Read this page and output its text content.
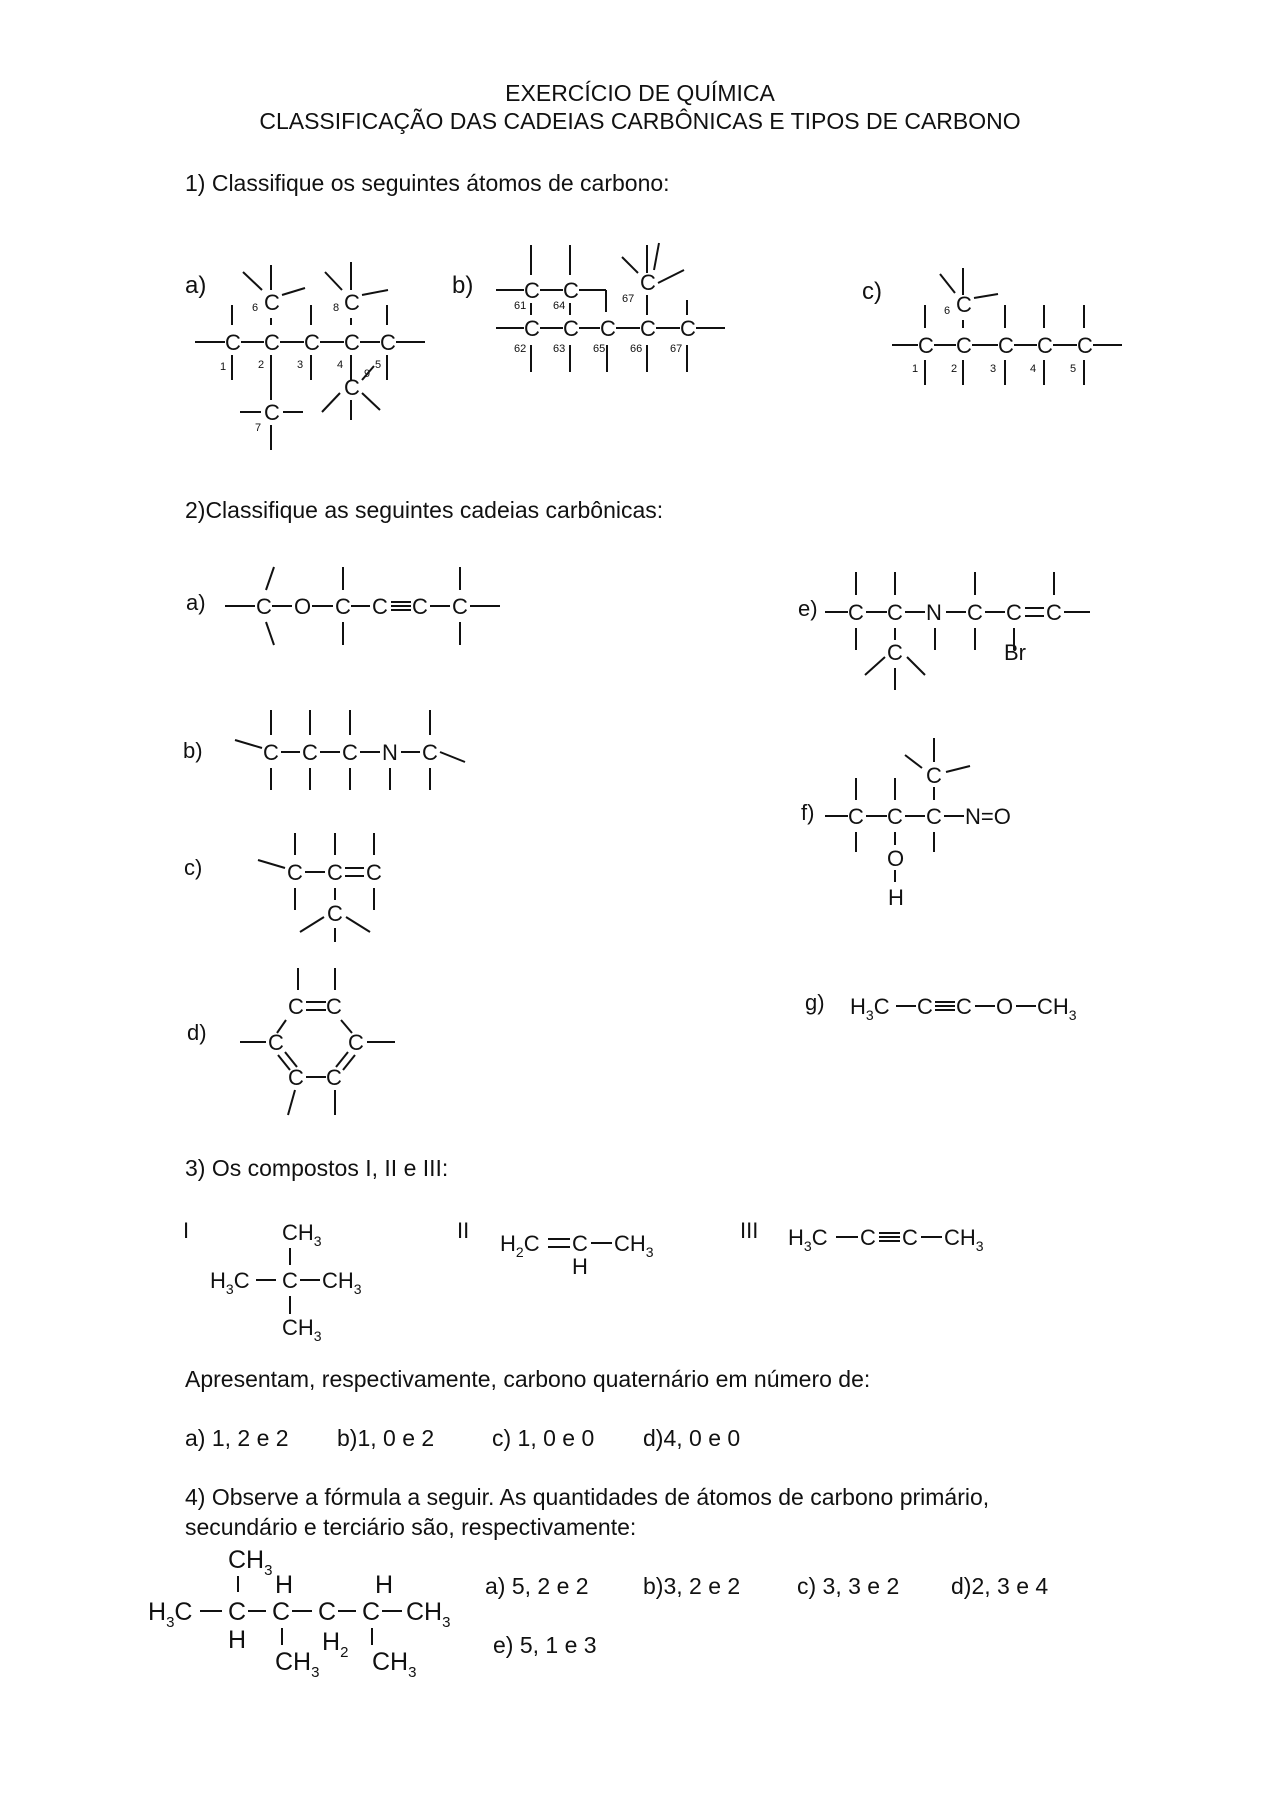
EXERCÍCIO DE QUÍMICA
CLASSIFICAÇÃO DAS CADEIAS CARBÔNICAS E TIPOS DE CARBONO
1) Classifique os seguintes átomos de carbono:
a)	b)	c)
C C C C C
C	C
C
C
1	2	3	4	5
6
7
8
9
C C	C
C C C C C
61 64
67
62 63	65 66	67	C C C C C
C
1	2	3	4	5
6
C O C C C C
C C C N C
C C C
C
C C
C	C
C C
C C N C C C
C	Br
C C C N=O
O
H
C
$H_3C$ C C O $CH_3$
$CH_3$
$H_3C$ C $CH_3$
$CH_3$
$H_2C$ C $CH_3$
H
$H_3C$ C C $CH_3$
$CH_3$
H	H
$H_3C$ C C C C $CH_3$
H	$H_2$
$CH_3$ $CH_3$
2)Classifique as seguintes cadeias carbônicas:
a)
b)
c)
d)
e)
f)
g)
3) Os compostos I, II e III:
I	II	III
Apresentam, respectivamente, carbono quaternário em número de:
a) 1, 2 e 2 b)1, 0 e 2	c) 1, 0 e 0 d)4, 0 e 0
4) Observe a fórmula a seguir. As quantidades de átomos de carbono primário,
secundário e terciário são, respectivamente:
a) 5, 2 e 2 b)3, 2 e 2 c) 3, 3 e 2 d)2, 3 e 4
e) 5, 1 e 3
